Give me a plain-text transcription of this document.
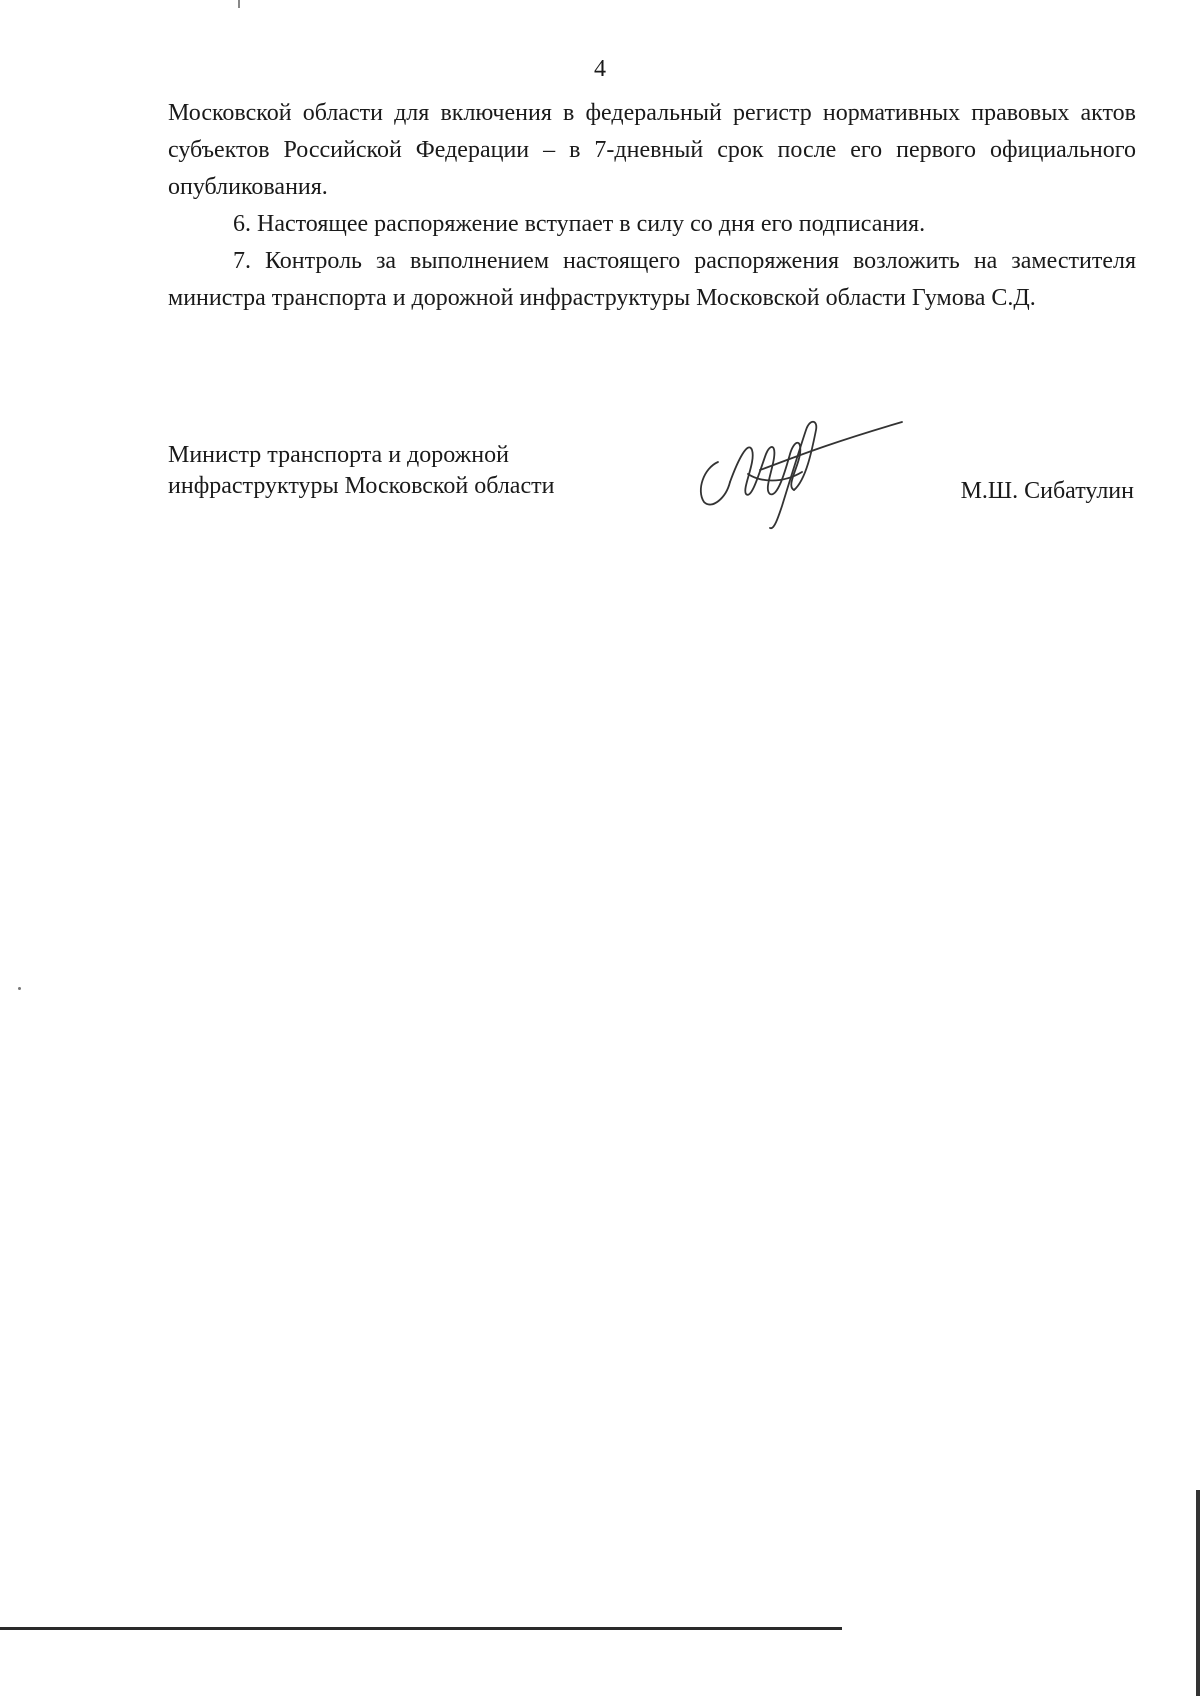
4

Московской области для включения в федеральный регистр нормативных правовых актов субъектов Российской Федерации – в 7-дневный срок после его первого официального опубликования.

6. Настоящее распоряжение вступает в силу со дня его подписания.

7. Контроль за выполнением настоящего распоряжения возложить на заместителя министра транспорта и дорожной инфраструктуры Московской области Гумова С.Д.

Министр транспорта и дорожной
инфраструктуры Московской области	М.Ш. Сибатулин
